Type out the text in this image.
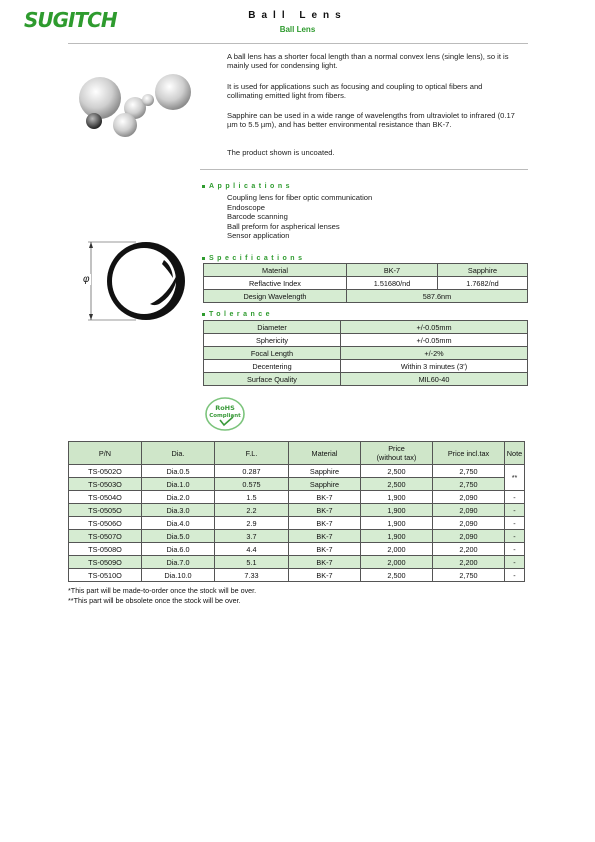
SUGITCH	Ball Lens
Ball Lens
A ball lens has a shorter focal length than a normal convex lens (single lens), so it is mainly used for condensing light.
It is used for applications such as focusing and coupling to optical fibers and collimating emitted light from fibers.
Sapphire can be used in a wide range of wavelengths from ultraviolet to infrared (0.17 µm to 5.5 µm), and has better environmental resistance than BK-7.
The product shown is uncoated.
Applications
Coupling lens for fiber optic communication
Endoscope
Barcode scanning
Ball preform for aspherical lenses
Sensor application
φ
Specifications
Material	BK-7	Sapphire
Reflactive Index	1.51680/nd	1.7682/nd
Design Wavelength	587.6nm	
Tolerance
Diameter	+/-0.05mm
Sphericity	+/-0.05mm
Focal Length	+/-2%
Decentering	Within 3 minutes (3')
Surface Quality	MIL60-40
RoHS
Compliant
P/N	Dia.	F.L.	Material	Price
(without tax)	Price incl.tax	Note
TS-0502O	Dia.0.5	0.287	Sapphire	2,500	2,750	**
TS-0503O	Dia.1.0	0.575	Sapphire	2,500	2,750	
TS-0504O	Dia.2.0	1.5	BK-7	1,900	2,090	-
TS-0505O	Dia.3.0	2.2	BK-7	1,900	2,090	-
TS-0506O	Dia.4.0	2.9	BK-7	1,900	2,090	-
TS-0507O	Dia.5.0	3.7	BK-7	1,900	2,090	-
TS-0508O	Dia.6.0	4.4	BK-7	2,000	2,200	-
TS-0509O	Dia.7.0	5.1	BK-7	2,000	2,200	-
TS-0510O	Dia.10.0	7.33	BK-7	2,500	2,750	-
*This part will be made-to-order once the stock will be over.
**This part will be obsolete once the stock will be over.
